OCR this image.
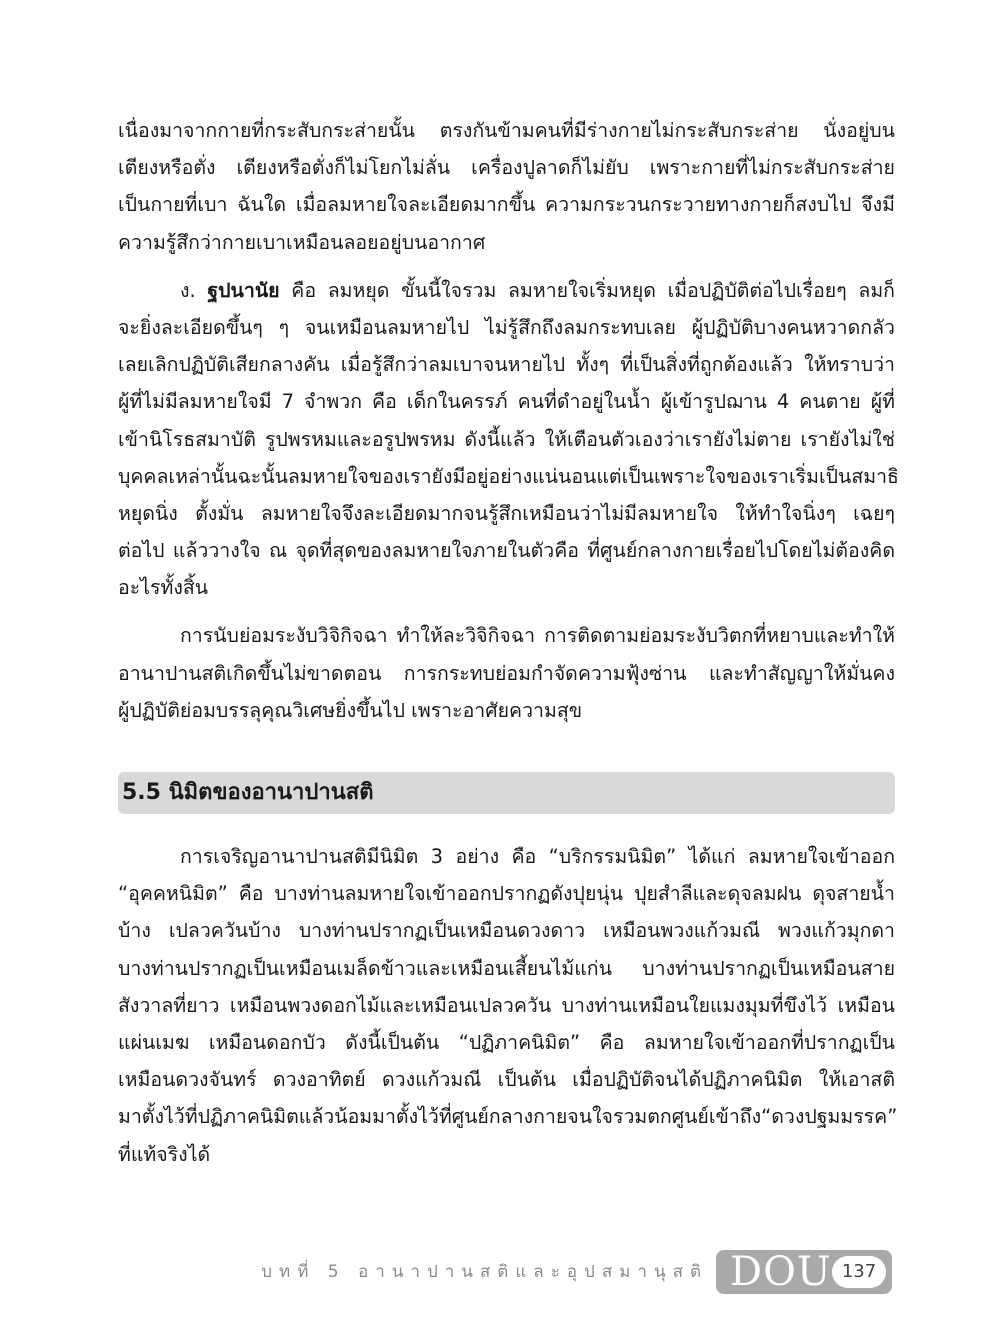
เนื่องมาจากกายที่กระสับกระส่ายนั้น ตรงกันข้ามคนที่มีร่างกายไม่กระสับกระส่าย นั่งอยู่บน
เตียงหรือตั่ง เตียงหรือตั่งก็ไม่โยกไม่ลั่น เครื่องปูลาดก็ไม่ยับ เพราะกายที่ไม่กระสับกระส่าย
เป็นกายที่เบา ฉันใด เมื่อลมหายใจละเอียดมากขึ้น ความกระวนกระวายทางกายก็สงบไป จึงมี
ความรู้สึกว่ากายเบาเหมือนลอยอยู่บนอากาศ
ง. ฐปนานัย คือ ลมหยุด ขั้นนี้ใจรวม ลมหายใจเริ่มหยุด เมื่อปฏิบัติต่อไปเรื่อยๆ ลมก็
จะยิ่งละเอียดขึ้นๆ ๆ จนเหมือนลมหายไป ไม่รู้สึกถึงลมกระทบเลย ผู้ปฏิบัติบางคนหวาดกลัว
เลยเลิกปฏิบัติเสียกลางคัน เมื่อรู้สึกว่าลมเบาจนหายไป ทั้งๆ ที่เป็นสิ่งที่ถูกต้องแล้ว ให้ทราบว่า
ผู้ที่ไม่มีลมหายใจมี 7 จำพวก คือ เด็กในครรภ์ คนที่ดำอยู่ในน้ำ ผู้เข้ารูปฌาน 4 คนตาย ผู้ที่
เข้านิโรธสมาบัติ รูปพรหมและอรูปพรหม ดังนี้แล้ว ให้เตือนตัวเองว่าเรายังไม่ตาย เรายังไม่ใช่
บุคคลเหล่านั้นฉะนั้นลมหายใจของเรายังมีอยู่อย่างแน่นอนแต่เป็นเพราะใจของเราเริ่มเป็นสมาธิ
หยุดนิ่ง ตั้งมั่น ลมหายใจจึงละเอียดมากจนรู้สึกเหมือนว่าไม่มีลมหายใจ ให้ทำใจนิ่งๆ เฉยๆ
ต่อไป แล้ววางใจ ณ จุดที่สุดของลมหายใจภายในตัวคือ ที่ศูนย์กลางกายเรื่อยไปโดยไม่ต้องคิด
อะไรทั้งสิ้น
การนับย่อมระงับวิจิกิจฉา ทำให้ละวิจิกิจฉา การติดตามย่อมระงับวิตกที่หยาบและทำให้
อานาปานสติเกิดขึ้นไม่ขาดตอน การกระทบย่อมกำจัดความฟุ้งซ่าน และทำสัญญาให้มั่นคง
ผู้ปฏิบัติย่อมบรรลุคุณวิเศษยิ่งขึ้นไป เพราะอาศัยความสุข
5.5 นิมิตของอานาปานสติ
การเจริญอานาปานสติมีนิมิต 3 อย่าง คือ “บริกรรมนิมิต” ได้แก่ ลมหายใจเข้าออก
“อุคคหนิมิต” คือ บางท่านลมหายใจเข้าออกปรากฏดังปุยนุ่น ปุยสำลีและดุจลมฝน ดุจสายน้ำ
บ้าง เปลวควันบ้าง บางท่านปรากฏเป็นเหมือนดวงดาว เหมือนพวงแก้วมณี พวงแก้วมุกดา
บางท่านปรากฏเป็นเหมือนเมล็ดข้าวและเหมือนเสี้ยนไม้แก่น บางท่านปรากฏเป็นเหมือนสาย
สังวาลที่ยาว เหมือนพวงดอกไม้และเหมือนเปลวควัน บางท่านเหมือนใยแมงมุมที่ขึงไว้ เหมือน
แผ่นเมฆ เหมือนดอกบัว ดังนี้เป็นต้น “ปฏิภาคนิมิต” คือ ลมหายใจเข้าออกที่ปรากฏเป็น
เหมือนดวงจันทร์ ดวงอาทิตย์ ดวงแก้วมณี เป็นต้น เมื่อปฏิบัติจนได้ปฏิภาคนิมิต ให้เอาสติ
มาตั้งไว้ที่ปฏิภาคนิมิตแล้วน้อมมาตั้งไว้ที่ศูนย์กลางกายจนใจรวมตกศูนย์เข้าถึง“ดวงปฐมมรรค”
ที่แท้จริงได้
บทที่ 5 อานาปานสติและอุปสมานุสติ DOU 137
